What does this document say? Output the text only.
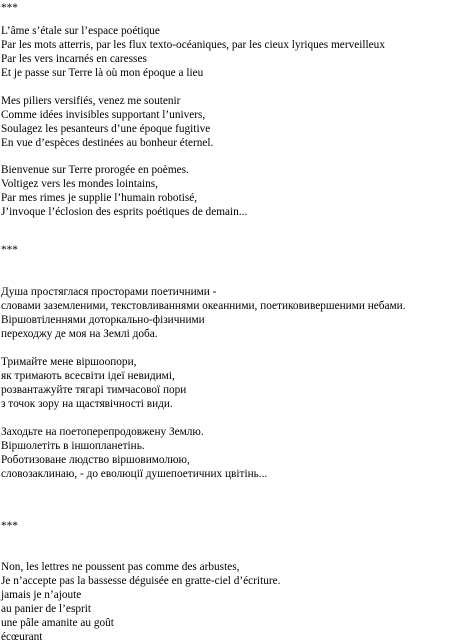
***
L’âme s’étale sur l’espace poétique
Par les mots atterris, par les flux texto-océaniques, par les cieux lyriques merveilleux
Par les vers incarnés en caresses
Et je passe sur Terre là où mon époque a lieu
Mes piliers versifiés, venez me soutenir
Comme idées invisibles supportant l’univers,
Soulagez les pesanteurs d’une époque fugitive
En vue d’espèces destinées au bonheur éternel.
Bienvenue sur Terre prorogée en poèmes.
Voltigez vers les mondes lointains,
Par mes rimes je supplie l’humain robotisé,
J’invoque l’éclosion des esprits poétiques de demain...
***
Душа простяглася просторами поетичними -
словами заземленими, текстовливаннями океанними, поетиковивершеними небами.
Віршовтіленнями доторкально-фізичними
переходжу де моя на Землі доба.
Тримайте мене віршоопори,
як тримають всесвіти ідеї невидимі,
розвантажуйте тягарі тимчасової пори
з точок зору на щастявічності види.
Заходьте на поетоперепродовжену Землю.
Віршолетіть в іншопланетінь.
Роботизоване людство віршовимолюю,
словозаклинаю, - до еволюції душепоетичних цвітінь...
***
Non, les lettres ne poussent pas comme des arbustes,
Je n’accepte pas la bassesse déguisée en gratte-ciel d’écriture.
jamais je n’ajoute
au panier de l’esprit
une pâle amanite au goût
écœurant
